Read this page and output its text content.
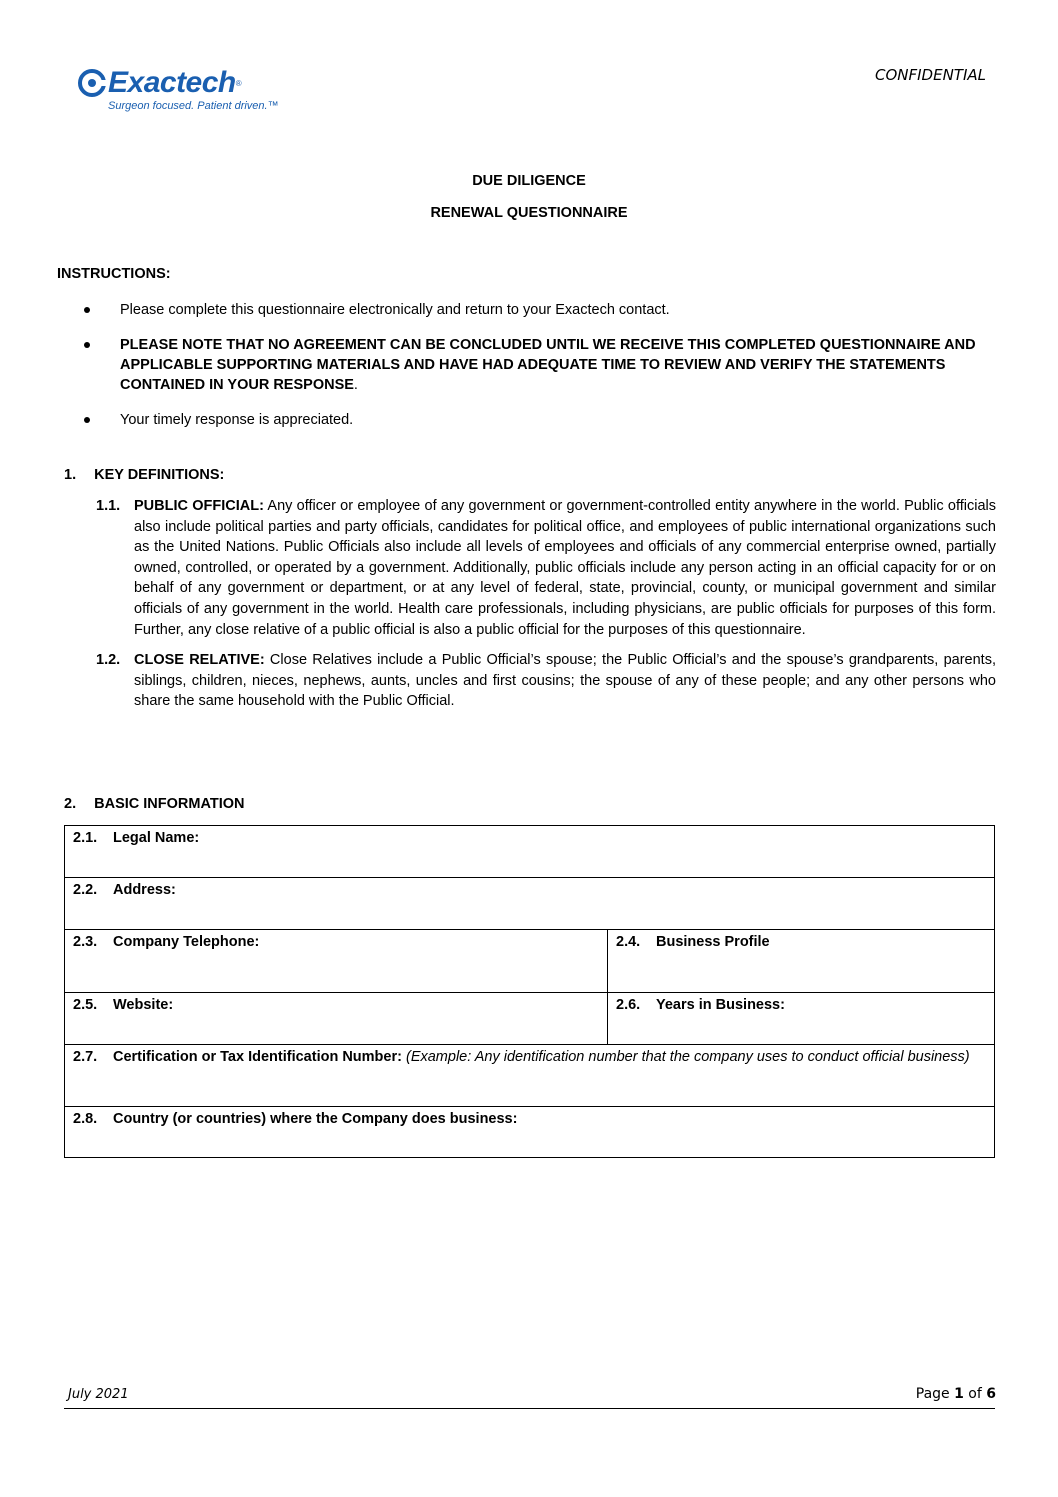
Exactech ®
Surgeon focused. Patient driven.™
CONFIDENTIAL
DUE DILIGENCE
RENEWAL QUESTIONNAIRE
INSTRUCTIONS:
Please complete this questionnaire electronically and return to your Exactech contact.
PLEASE NOTE THAT NO AGREEMENT CAN BE CONCLUDED UNTIL WE RECEIVE THIS COMPLETED QUESTIONNAIRE AND APPLICABLE SUPPORTING MATERIALS AND HAVE HAD ADEQUATE TIME TO REVIEW AND VERIFY THE STATEMENTS CONTAINED IN YOUR RESPONSE.
Your timely response is appreciated.
1. KEY DEFINITIONS:
1.1. PUBLIC OFFICIAL: Any officer or employee of any government or government-controlled entity anywhere in the world. Public officials also include political parties and party officials, candidates for political office, and employees of public international organizations such as the United Nations. Public Officials also include all levels of employees and officials of any commercial enterprise owned, partially owned, controlled, or operated by a government. Additionally, public officials include any person acting in an official capacity for or on behalf of any government or department, or at any level of federal, state, provincial, county, or municipal government and similar officials of any government in the world. Health care professionals, including physicians, are public officials for purposes of this form. Further, any close relative of a public official is also a public official for the purposes of this questionnaire.
1.2. CLOSE RELATIVE: Close Relatives include a Public Official’s spouse; the Public Official’s and the spouse’s grandparents, parents, siblings, children, nieces, nephews, aunts, uncles and first cousins; the spouse of any of these people; and any other persons who share the same household with the Public Official.
2. BASIC INFORMATION
2.1. Legal Name:	
2.2. Address:	
2.3. Company Telephone:	2.4. Business Profile
2.5. Website:	2.6. Years in Business:

2.7. Certification or Tax Identification Number: (Example: Any identification number that the company uses to conduct official business)	

2.8. Country (or countries) where the Company does business:	
July 2021	Page 1 of 6
